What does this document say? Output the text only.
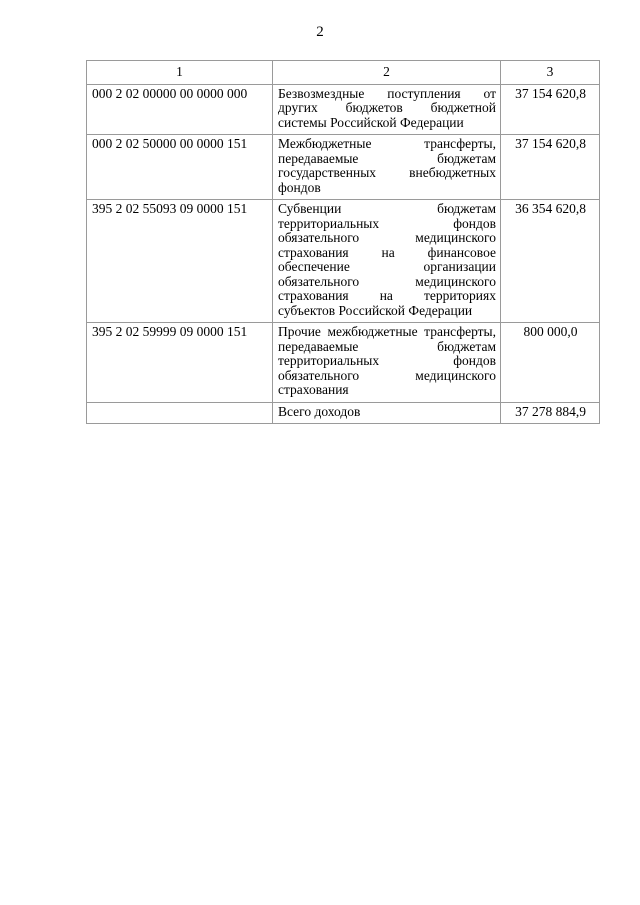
2
1	2	3
000 2 02 00000 00 0000 000	Безвозмездные поступления от других бюджетов бюджетной системы Российской Федерации	37 154 620,8
000 2 02 50000 00 0000 151	Межбюджетные трансферты, передаваемые бюджетам государственных внебюджетных фондов	37 154 620,8
395 2 02 55093 09 0000 151	Субвенции бюджетам территориальных фондов обязательного медицинского страхования на финансовое обеспечение организации обязательного медицинского страхования на территориях субъектов Российской Федерации	36 354 620,8
395 2 02 59999 09 0000 151	Прочие межбюджетные трансферты, передаваемые бюджетам территориальных фондов обязательного медицинского страхования	800 000,0
	Всего доходов	37 278 884,9
